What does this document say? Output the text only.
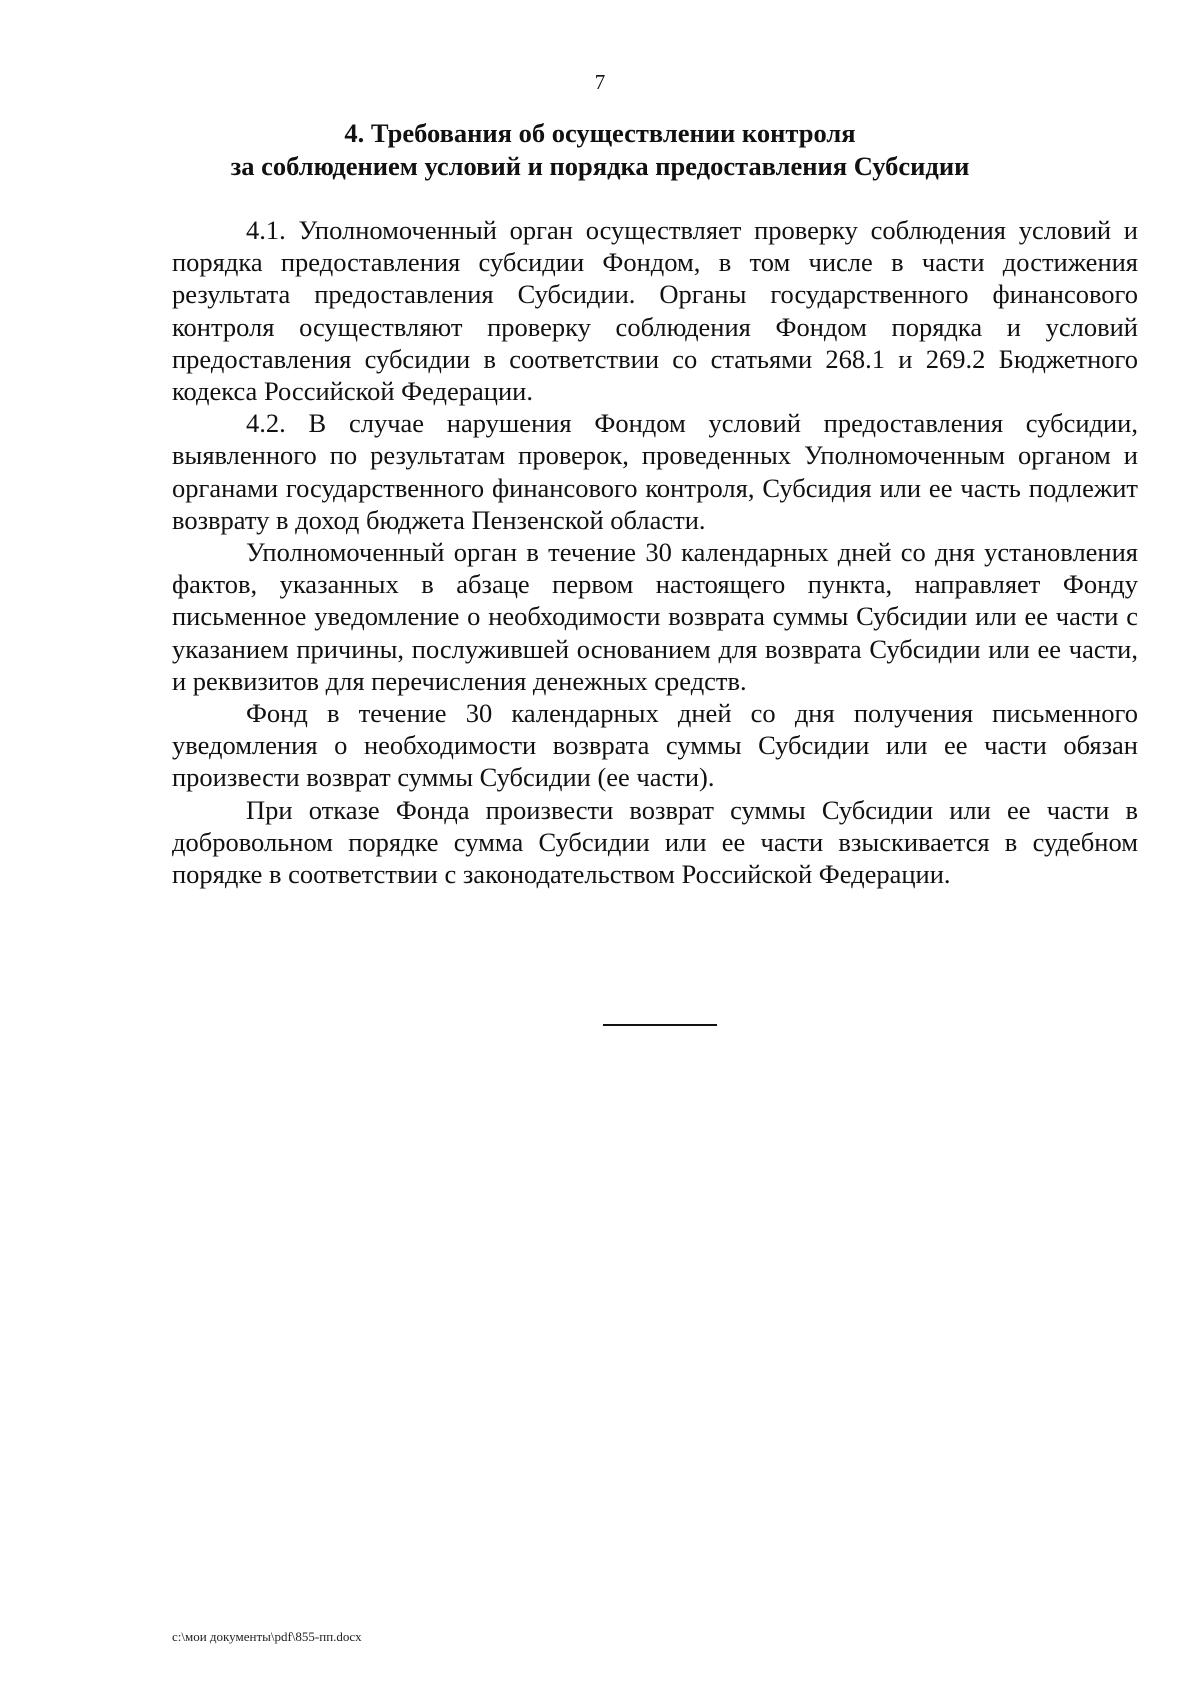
7
4. Требования об осуществлении контроля
за соблюдением условий и порядка предоставления Субсидии

4.1. Уполномоченный орган осуществляет проверку соблюдения условий и порядка предоставления субсидии Фондом, в том числе в части достижения результата предоставления Субсидии. Органы государственного финансового контроля осуществляют проверку соблюдения Фондом порядка и условий предоставления субсидии в соответствии со статьями 268.1 и 269.2 Бюджетного кодекса Российской Федерации.

4.2. В случае нарушения Фондом условий предоставления субсидии, выявленного по результатам проверок, проведенных Уполномоченным органом и органами государственного финансового контроля, Субсидия или ее часть подлежит возврату в доход бюджета Пензенской области.

Уполномоченный орган в течение 30 календарных дней со дня установления фактов, указанных в абзаце первом настоящего пункта, направляет Фонду письменное уведомление о необходимости возврата суммы Субсидии или ее части с указанием причины, послужившей основанием для возврата Субсидии или ее части, и реквизитов для перечисления денежных средств.

Фонд в течение 30 календарных дней со дня получения письменного уведомления о необходимости возврата суммы Субсидии или ее части обязан произвести возврат суммы Субсидии (ее части).

При отказе Фонда произвести возврат суммы Субсидии или ее части в добровольном порядке сумма Субсидии или ее части взыскивается в судебном порядке в соответствии с законодательством Российской Федерации.

c:\мои документы\pdf\855-пп.docx
